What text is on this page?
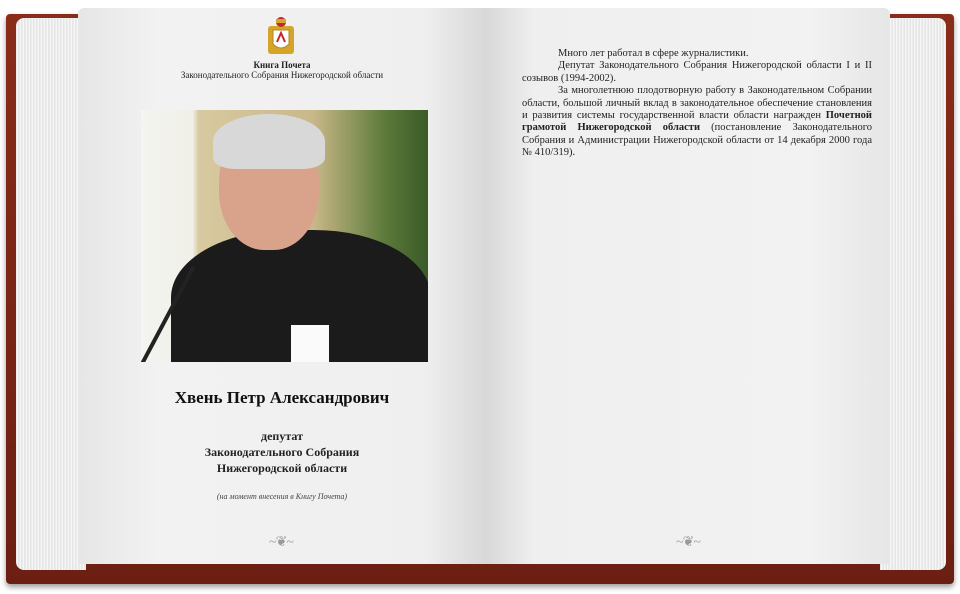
Книга Почета
Законодательного Собрания Нижегородской области
Хвень Петр Александрович
депутат
Законодательного Собрания
Нижегородской области
(на момент внесения в Книгу Почета)
~❦~

Много лет работал в сфере журналистики.

Депутат Законодательного Собрания Нижегородской области I и II созывов (1994-2002).

За многолетнюю плодотворную работу в Законодательном Собрании области, большой личный вклад в законодательное обеспечение становления и развития системы государственной власти области награжден Почетной грамотой Нижегородской области (постановление Законодательного Собрания и Администрации Нижегородской области от 14 декабря 2000 года № 410/319).

~❦~
